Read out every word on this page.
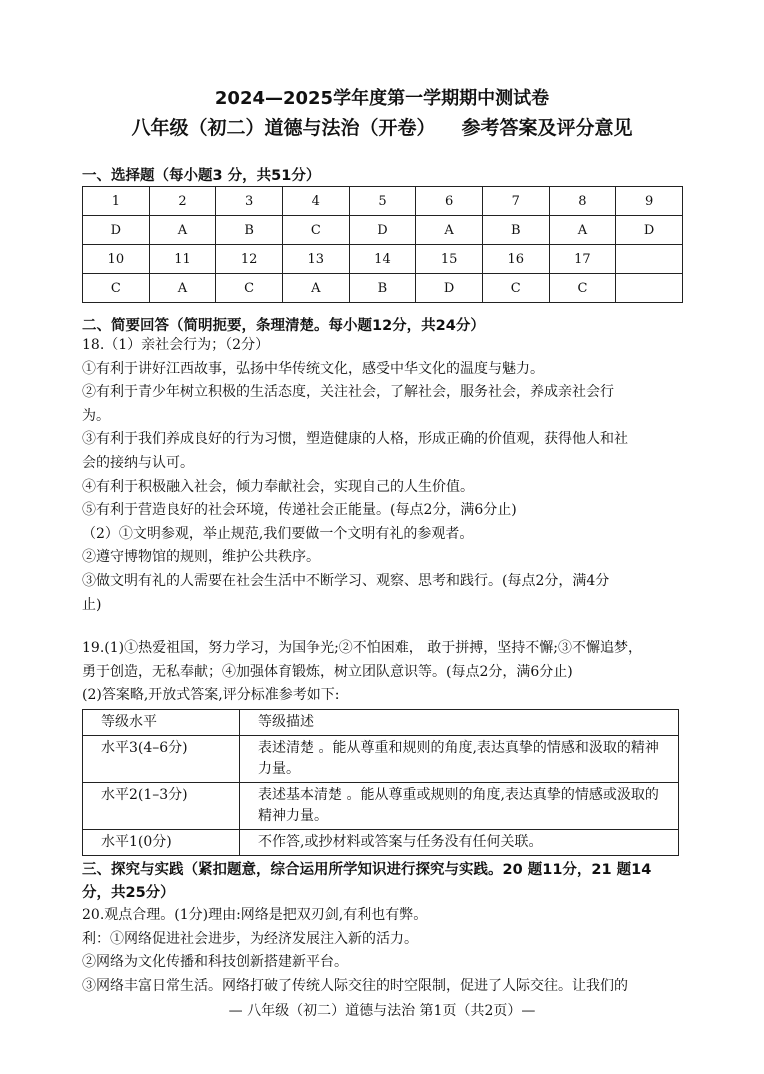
2024—2025学年度第一学期期中测试卷
八年级（初二）道德与法治（开卷） 参考答案及评分意见
一、选择题（每小题3 分，共51分）
1	2	3	4	5	6	7	8	9
D	A	B	C	D	A	B	A	D
10	11	12	13	14	15	16	17	
C	A	C	A	B	D	C	C	
二、简要回答（简明扼要，条理清楚。每小题12分，共24分）
18.（1）亲社会行为；（2分）
①有利于讲好江西故事，弘扬中华传统文化，感受中华文化的温度与魅力。
②有利于青少年树立积极的生活态度，关注社会，了解社会，服务社会，养成亲社会行
为。
③有利于我们养成良好的行为习惯，塑造健康的人格，形成正确的价值观，获得他人和社
会的接纳与认可。
④有利于积极融入社会，倾力奉献社会，实现自己的人生价值。
⑤有利于营造良好的社会环境，传递社会正能量。(每点2分，满6分止)
（2）①文明参观，举止规范,我们要做一个文明有礼的参观者。
②遵守博物馆的规则，维护公共秩序。
③做文明有礼的人需要在社会生活中不断学习、观察、思考和践行。(每点2分，满4分
止)
19.(1)①热爱祖国，努力学习，为国争光;②不怕困难， 敢于拼搏，坚持不懈;③不懈追梦，
勇于创造，无私奉献；④加强体育锻炼，树立团队意识等。(每点2分，满6分止)
(2)答案略,开放式答案,评分标准参考如下:
等级水平	等级描述
水平3(4–6分)	表述清楚 。能从尊重和规则的角度,表达真挚的情感和汲取的精神力量。
水平2(1–3分)	表述基本清楚 。能从尊重或规则的角度,表达真挚的情感或汲取的精神力量。
水平1(0分)	不作答,或抄材料或答案与任务没有任何关联。
三、探究与实践（紧扣题意，综合运用所学知识进行探究与实践。20 题11分，21 题14
分，共25分）
20.观点合理。(1分)理由:网络是把双刃剑,有利也有弊。
利：①网络促进社会进步，为经济发展注入新的活力。
②网络为文化传播和科技创新搭建新平台。
③网络丰富日常生活。网络打破了传统人际交往的时空限制，促进了人际交往。让我们的
— 八年级（初二）道德与法治 第1页（共2页）—
